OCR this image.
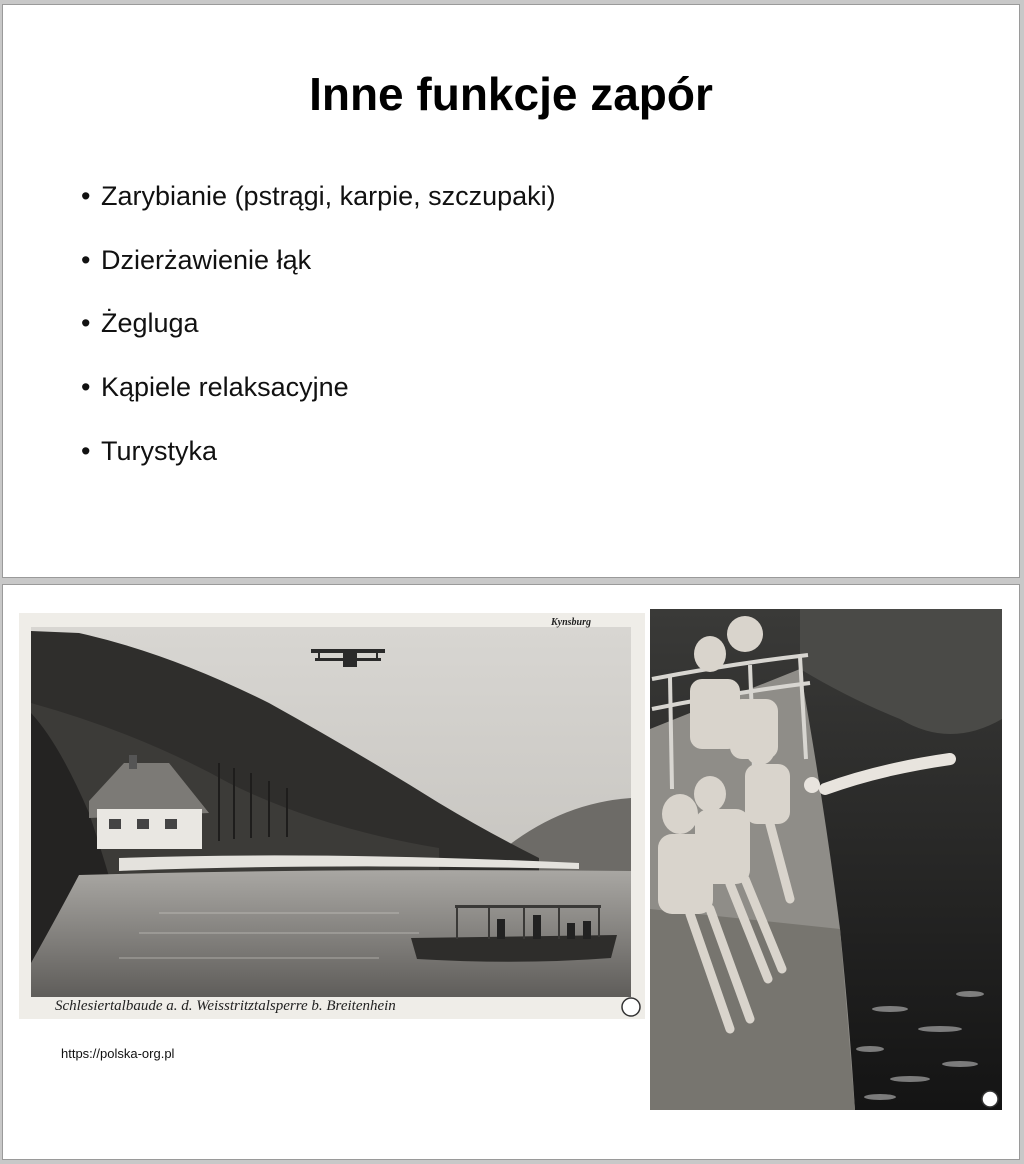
Inne funkcje zapór
• Zarybianie (pstrągi, karpie, szczupaki)
• Dzierżawienie łąk
• Żegluga
• Kąpiele relaksacyjne
• Turystyka
Kynsburg
Schlesiertalbaude a. d. Weisstritztalsperre b. Breitenhein
https://polska-org.pl
